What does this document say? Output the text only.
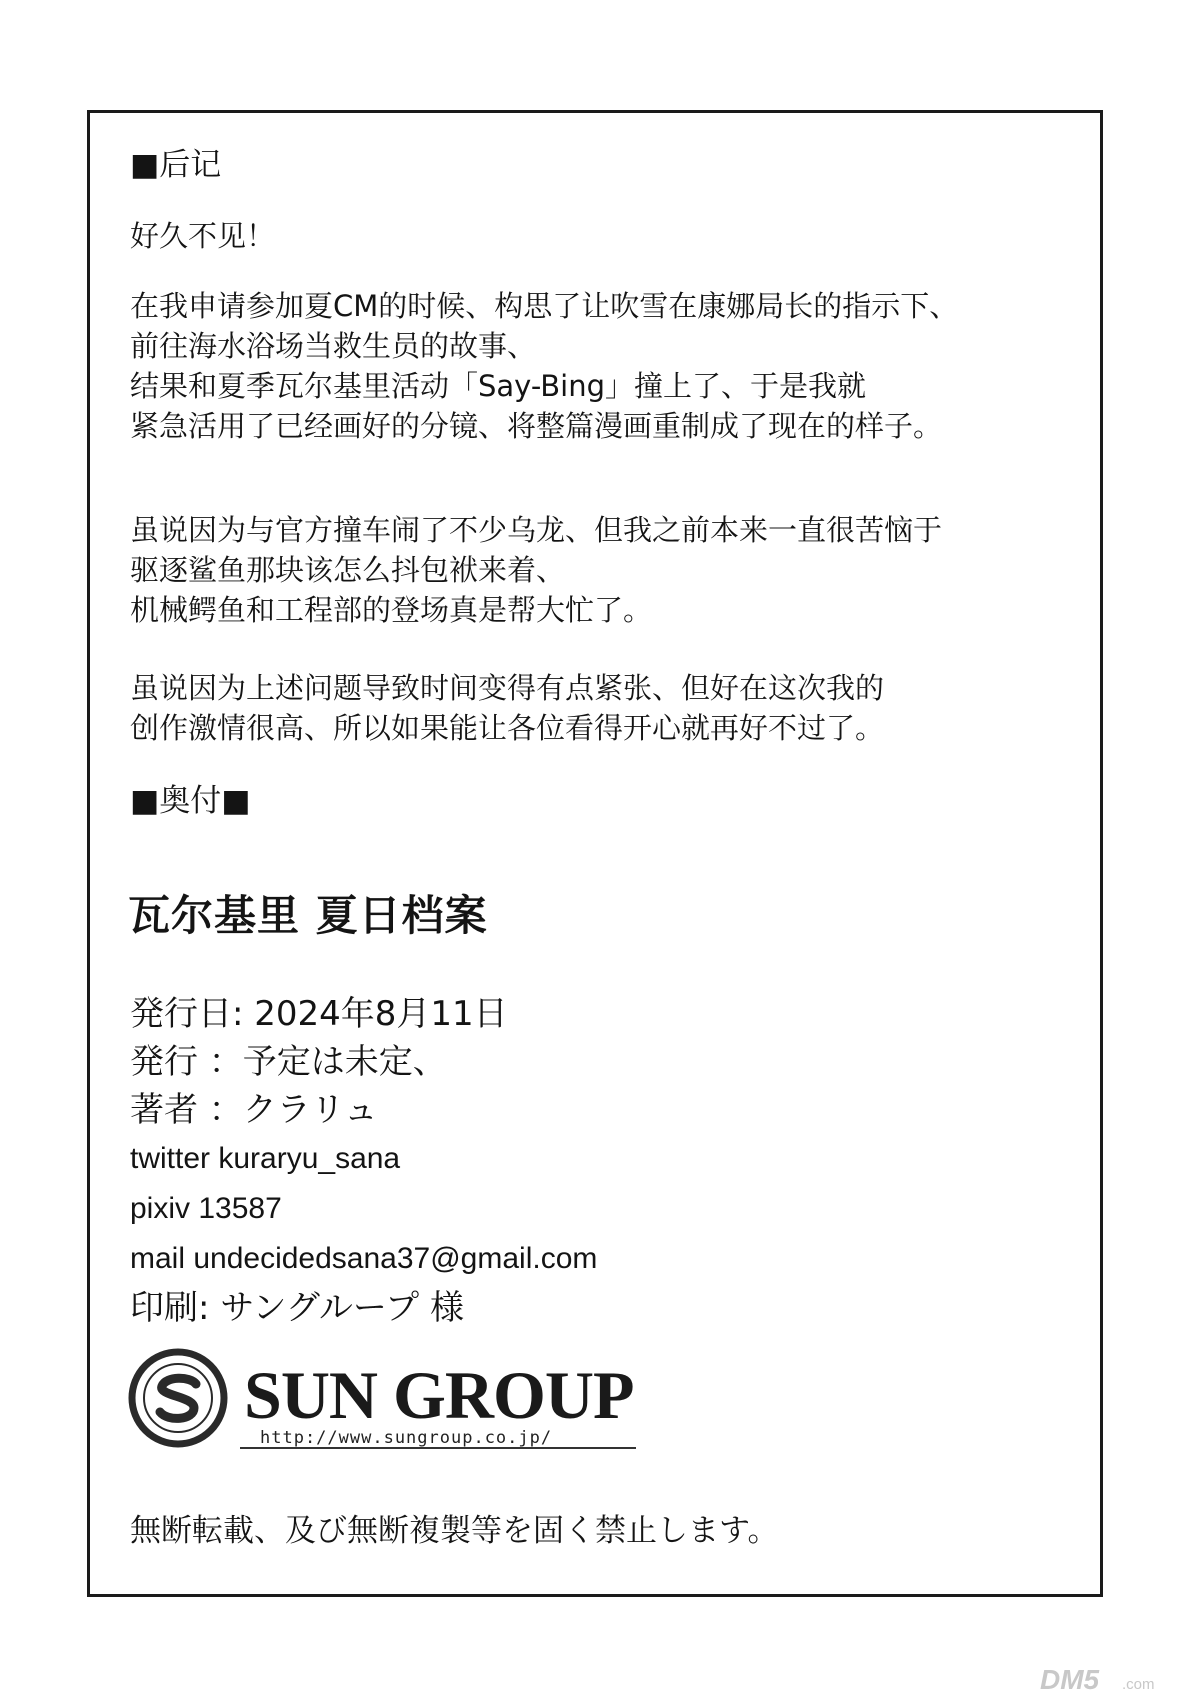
■后记
好久不见！
在我申请参加夏CM的时候、构思了让吹雪在康娜局长的指示下、
前往海水浴场当救生员的故事、
结果和夏季瓦尔基里活动「Say-Bing」撞上了、于是我就
紧急活用了已经画好的分镜、将整篇漫画重制成了现在的样子。
虽说因为与官方撞车闹了不少乌龙、但我之前本来一直很苦恼于
驱逐鲨鱼那块该怎么抖包袱来着、
机械鳄鱼和工程部的登场真是帮大忙了。
虽说因为上述问题导致时间变得有点紧张、但好在这次我的
创作激情很高、所以如果能让各位看得开心就再好不过了。
■奥付■
瓦尔基里 夏日档案
発行日: 2024年8月11日
発行 ：予定は未定、
著者 ：クラリュ
twitter kuraryu_sana
pixiv 13587
mail undecidedsana37@gmail.com
印刷: サングループ 様
SUN GROUP
http://www.sungroup.co.jp/
無断転載、及び無断複製等を固く禁止します。
DM5 .com
